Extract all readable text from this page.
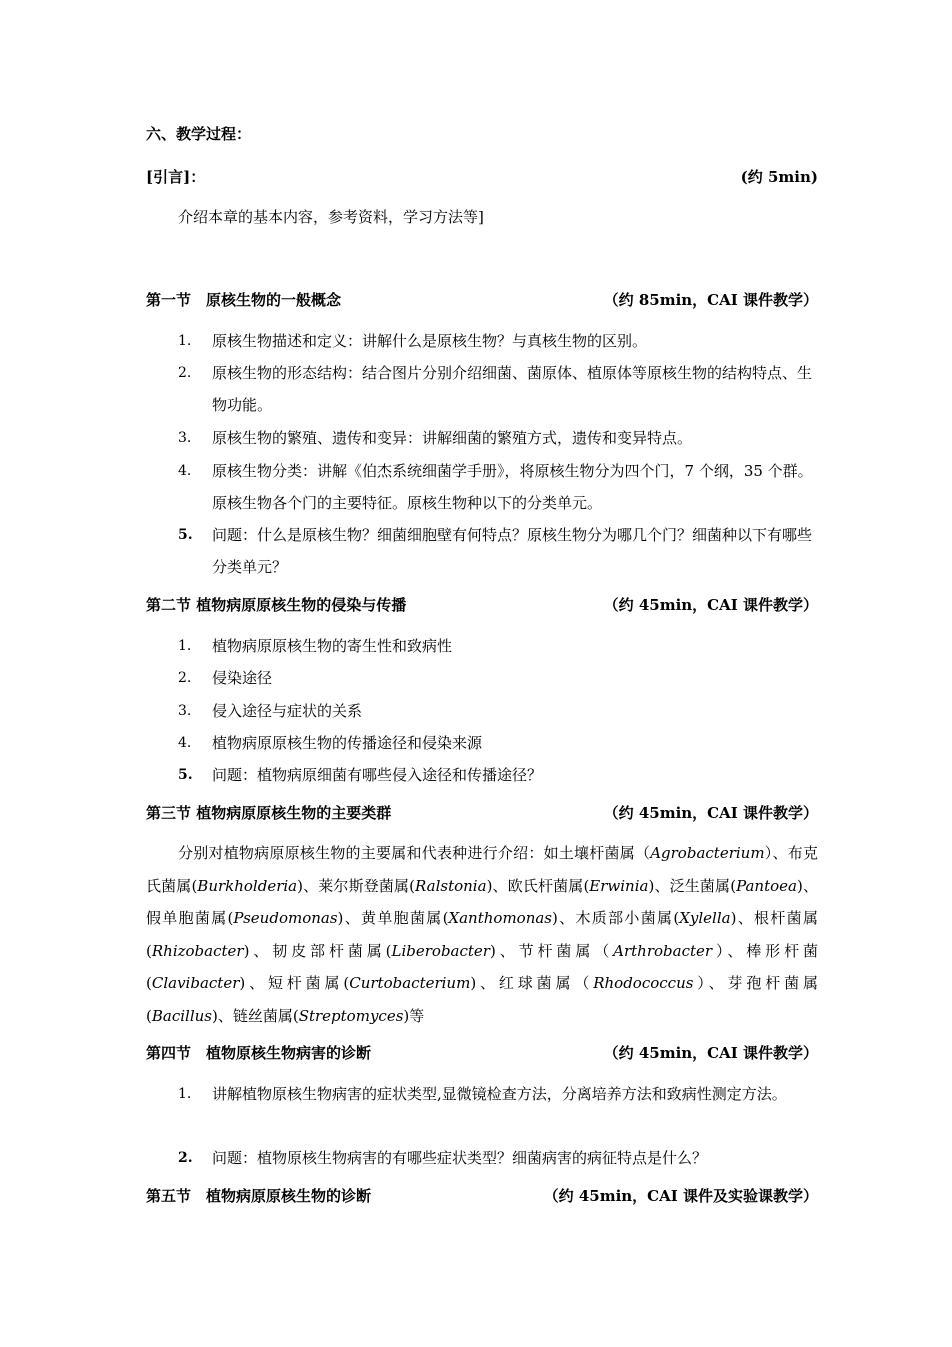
六、教学过程：
[引言]：	(约 5min)
介绍本章的基本内容，参考资料，学习方法等]
第一节　原核生物的一般概念	（约 85min，CAI 课件教学）
1. 原核生物描述和定义：讲解什么是原核生物？与真核生物的区别。
2. 原核生物的形态结构：结合图片分别介绍细菌、菌原体、植原体等原核生物的结构特点、生物功能。
3. 原核生物的繁殖、遗传和变异：讲解细菌的繁殖方式，遗传和变异特点。
4. 原核生物分类：讲解《伯杰系统细菌学手册》，将原核生物分为四个门，7 个纲，35 个群。原核生物各个门的主要特征。原核生物种以下的分类单元。
5. 问题：什么是原核生物？细菌细胞壁有何特点？原核生物分为哪几个门？细菌种以下有哪些分类单元？
第二节 植物病原原核生物的侵染与传播	（约 45min，CAI 课件教学）
1. 植物病原原核生物的寄生性和致病性
2. 侵染途径
3. 侵入途径与症状的关系
4. 植物病原原核生物的传播途径和侵染来源
5. 问题：植物病原细菌有哪些侵入途径和传播途径？
第三节 植物病原原核生物的主要类群	（约 45min，CAI 课件教学）
分别对植物病原原核生物的主要属和代表种进行介绍：如土壤杆菌属（Agrobacterium）、布克氏菌属(Burkholderia)、莱尔斯登菌属(Ralstonia)、欧氏杆菌属(Erwinia)、泛生菌属(Pantoea)、假单胞菌属(Pseudomonas)、黄单胞菌属(Xanthomonas)、木质部小菌属(Xylella)、根杆菌属(Rhizobacter)、韧皮部杆菌属(Liberobacter)、节杆菌属（Arthrobacter）、棒形杆菌(Clavibacter)、短杆菌属(Curtobacterium)、红球菌属（Rhodococcus）、芽孢杆菌属(Bacillus)、链丝菌属(Streptomyces)等
第四节　植物原核生物病害的诊断	（约 45min，CAI 课件教学）
1. 讲解植物原核生物病害的症状类型,显微镜检查方法，分离培养方法和致病性测定方法。
2. 问题：植物原核生物病害的有哪些症状类型？细菌病害的病征特点是什么？
第五节　植物病原原核生物的诊断	（约 45min，CAI 课件及实验课教学）
